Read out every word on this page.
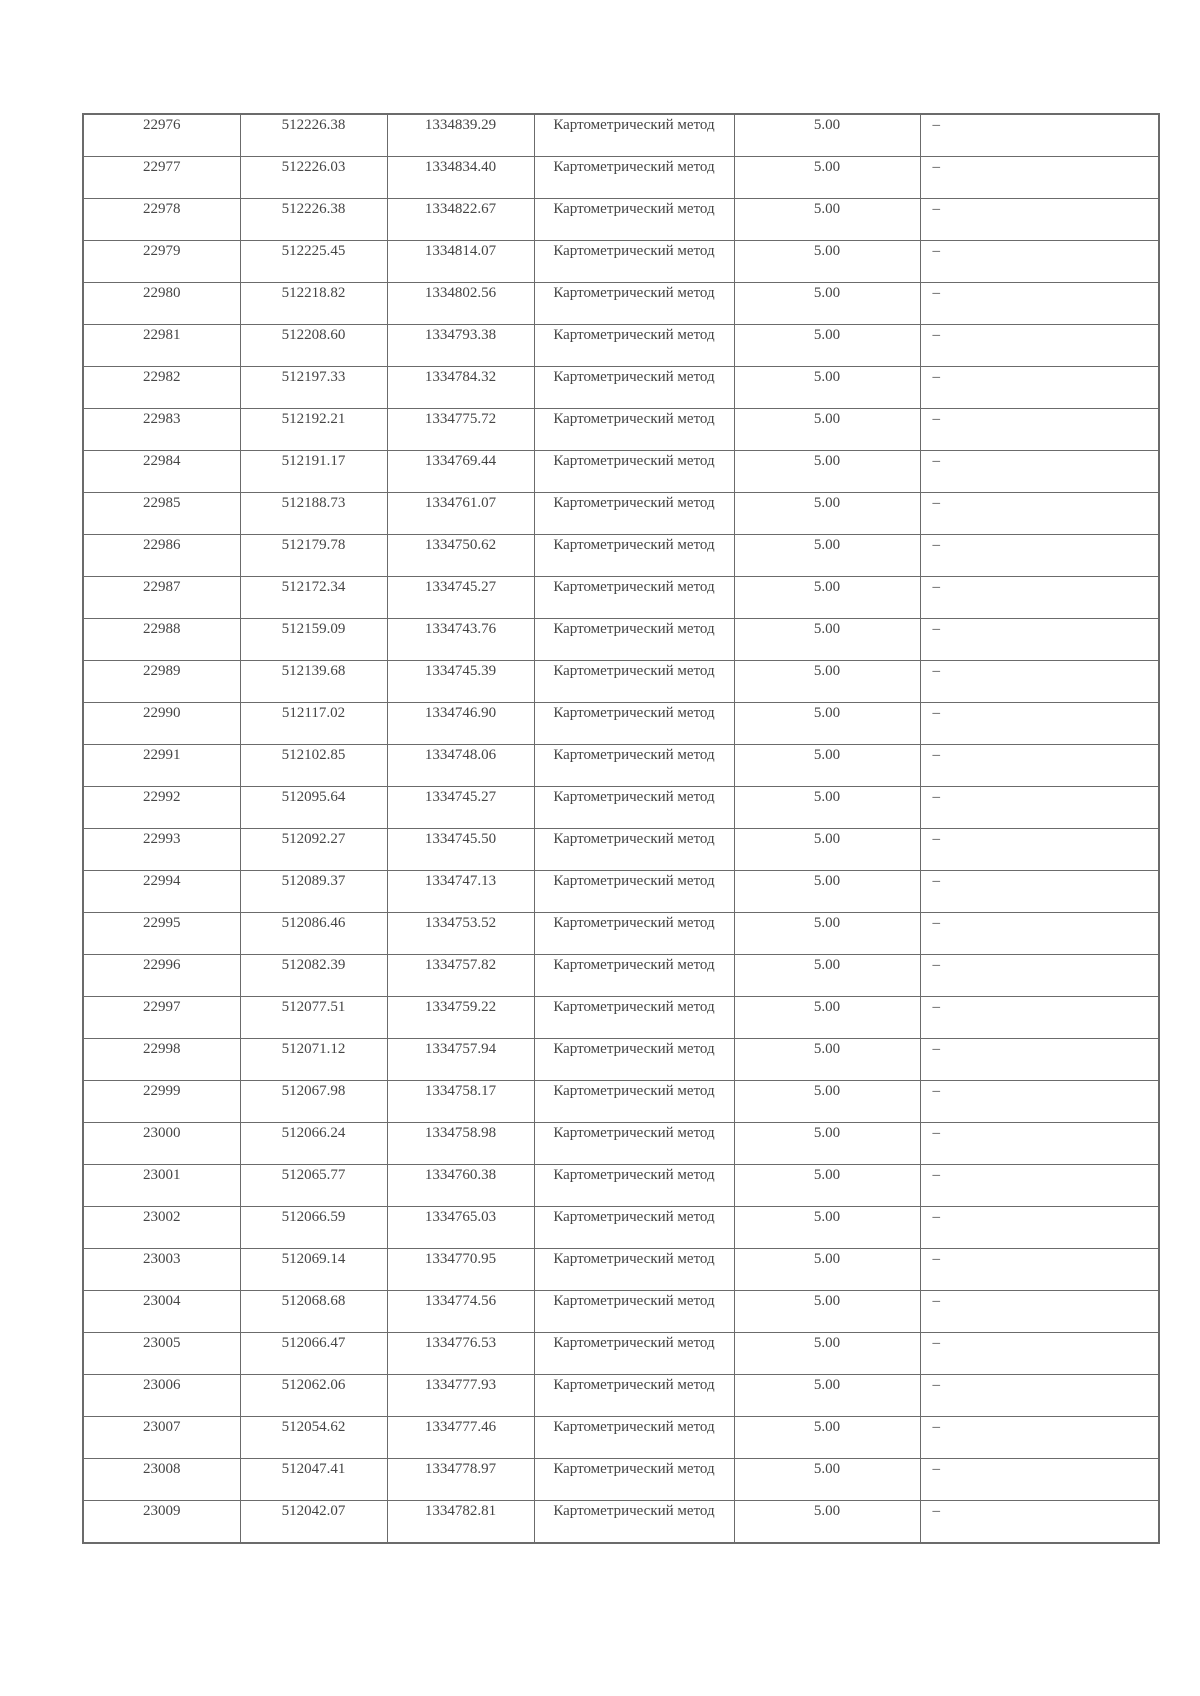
22976	512226.38	1334839.29	Картометрический метод	5.00	–
22977	512226.03	1334834.40	Картометрический метод	5.00	–
22978	512226.38	1334822.67	Картометрический метод	5.00	–
22979	512225.45	1334814.07	Картометрический метод	5.00	–
22980	512218.82	1334802.56	Картометрический метод	5.00	–
22981	512208.60	1334793.38	Картометрический метод	5.00	–
22982	512197.33	1334784.32	Картометрический метод	5.00	–
22983	512192.21	1334775.72	Картометрический метод	5.00	–
22984	512191.17	1334769.44	Картометрический метод	5.00	–
22985	512188.73	1334761.07	Картометрический метод	5.00	–
22986	512179.78	1334750.62	Картометрический метод	5.00	–
22987	512172.34	1334745.27	Картометрический метод	5.00	–
22988	512159.09	1334743.76	Картометрический метод	5.00	–
22989	512139.68	1334745.39	Картометрический метод	5.00	–
22990	512117.02	1334746.90	Картометрический метод	5.00	–
22991	512102.85	1334748.06	Картометрический метод	5.00	–
22992	512095.64	1334745.27	Картометрический метод	5.00	–
22993	512092.27	1334745.50	Картометрический метод	5.00	–
22994	512089.37	1334747.13	Картометрический метод	5.00	–
22995	512086.46	1334753.52	Картометрический метод	5.00	–
22996	512082.39	1334757.82	Картометрический метод	5.00	–
22997	512077.51	1334759.22	Картометрический метод	5.00	–
22998	512071.12	1334757.94	Картометрический метод	5.00	–
22999	512067.98	1334758.17	Картометрический метод	5.00	–
23000	512066.24	1334758.98	Картометрический метод	5.00	–
23001	512065.77	1334760.38	Картометрический метод	5.00	–
23002	512066.59	1334765.03	Картометрический метод	5.00	–
23003	512069.14	1334770.95	Картометрический метод	5.00	–
23004	512068.68	1334774.56	Картометрический метод	5.00	–
23005	512066.47	1334776.53	Картометрический метод	5.00	–
23006	512062.06	1334777.93	Картометрический метод	5.00	–
23007	512054.62	1334777.46	Картометрический метод	5.00	–
23008	512047.41	1334778.97	Картометрический метод	5.00	–
23009	512042.07	1334782.81	Картометрический метод	5.00	–
